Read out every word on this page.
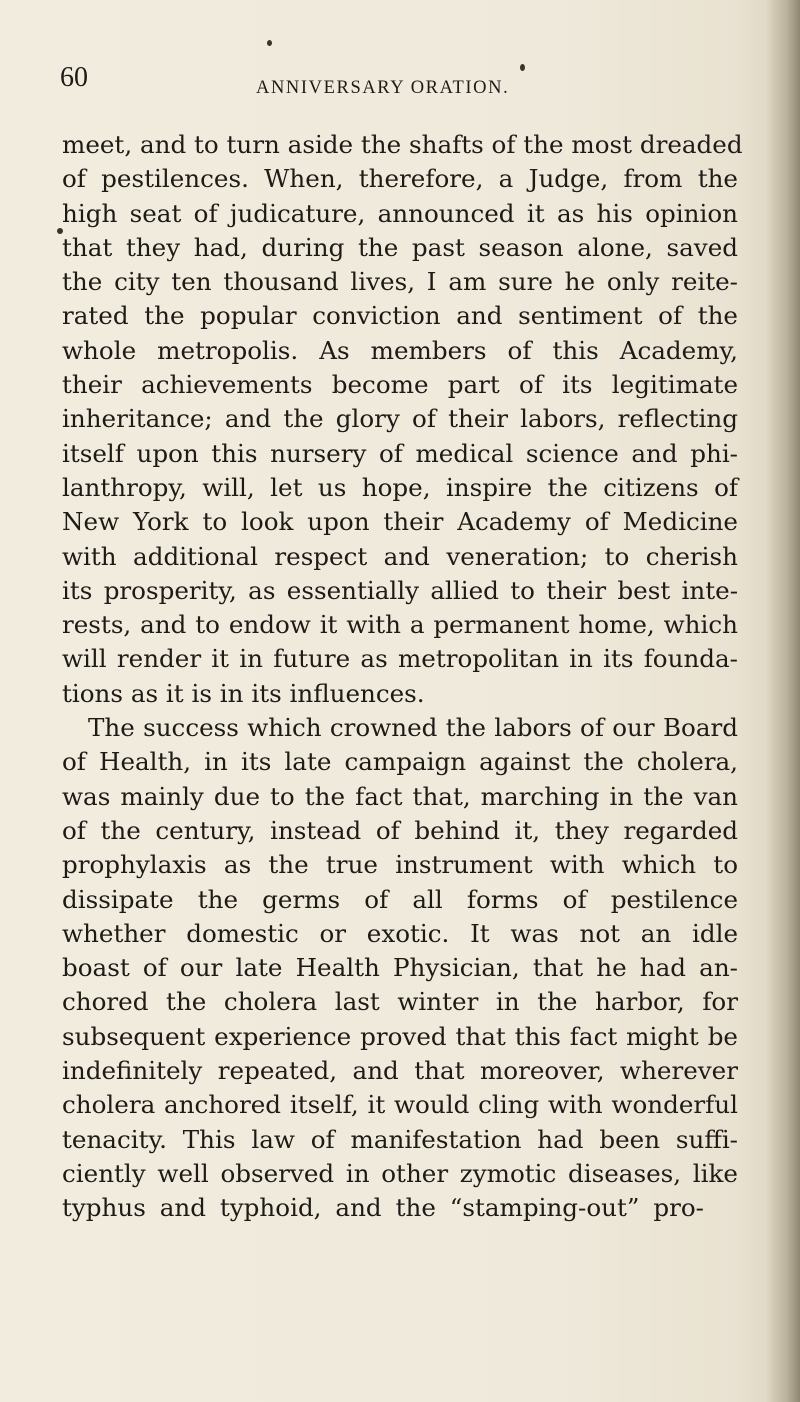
60	ANNIVERSARY ORATION.
meet, and to turn aside the shafts of the most dreaded
of pestilences. When, therefore, a Judge, from the
high seat of judicature, announced it as his opinion
that they had, during the past season alone, saved
the city ten thousand lives, I am sure he only reite-
rated the popular conviction and sentiment of the
whole metropolis. As members of this Academy,
their achievements become part of its legitimate
inheritance; and the glory of their labors, reflecting
itself upon this nursery of medical science and phi-
lanthropy, will, let us hope, inspire the citizens of
New York to look upon their Academy of Medicine
with additional respect and veneration; to cherish
its prosperity, as essentially allied to their best inte-
rests, and to endow it with a permanent home, which
will render it in future as metropolitan in its founda-
tions as it is in its influences.
The success which crowned the labors of our Board
of Health, in its late campaign against the cholera,
was mainly due to the fact that, marching in the van
of the century, instead of behind it, they regarded
prophylaxis as the true instrument with which to
dissipate the germs of all forms of pestilence
whether domestic or exotic. It was not an idle
boast of our late Health Physician, that he had an-
chored the cholera last winter in the harbor, for
subsequent experience proved that this fact might be
indefinitely repeated, and that moreover, wherever
cholera anchored itself, it would cling with wonderful
tenacity. This law of manifestation had been suffi-
ciently well observed in other zymotic diseases, like
typhus and typhoid, and the “stamping-out” pro-
